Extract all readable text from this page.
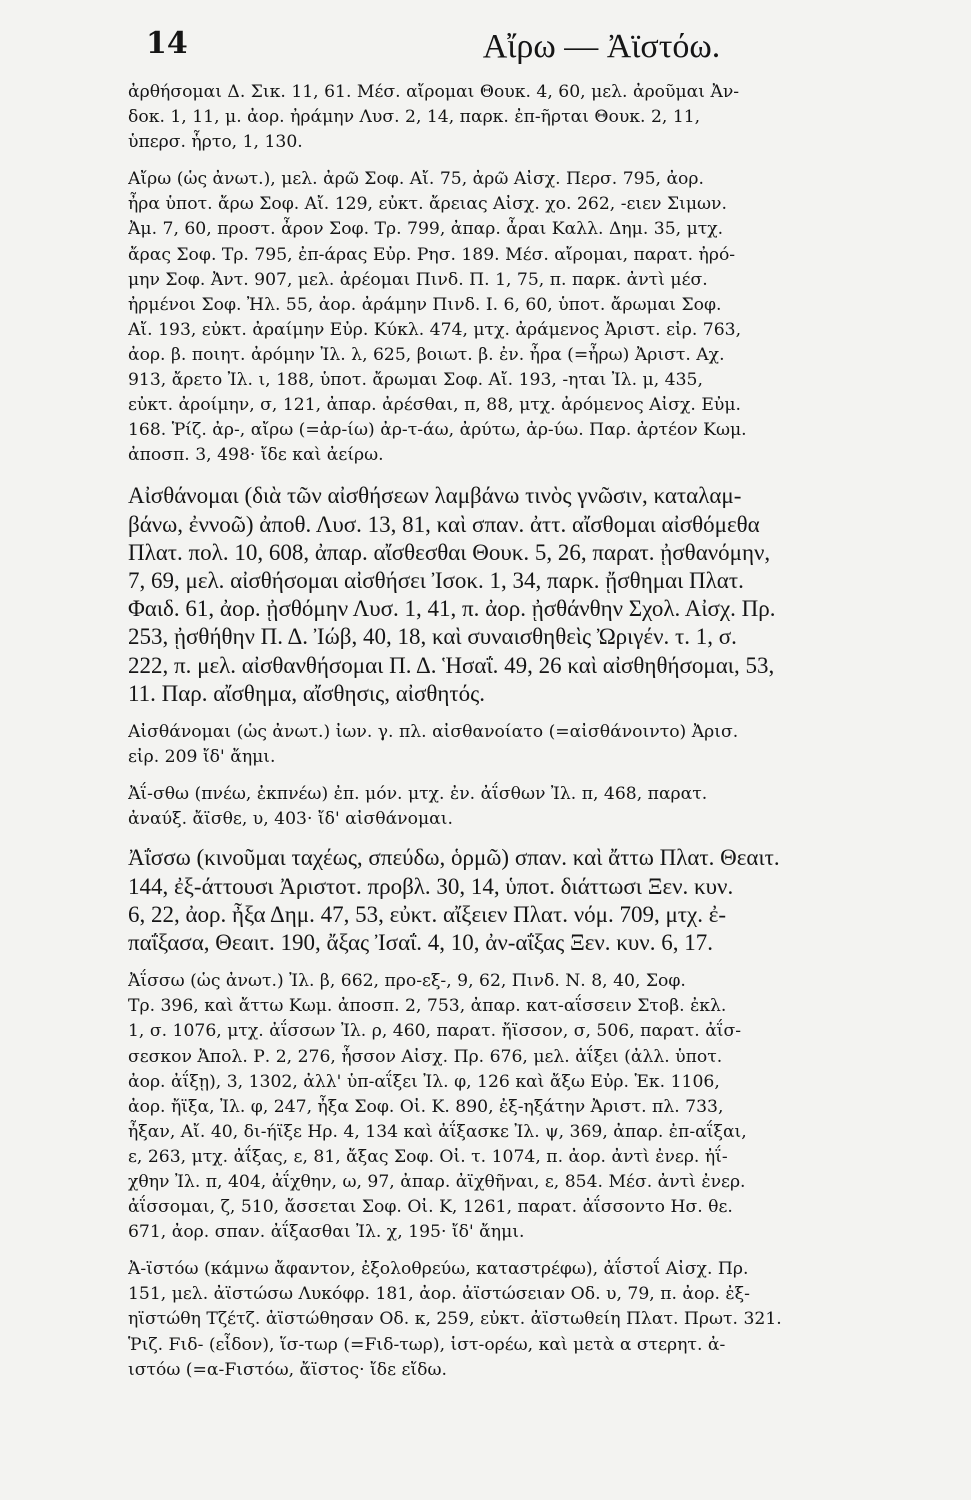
14	Αἴρω — Ἀϊστόω.
ἀρθήσομαι Δ. Σικ. 11, 61. Μέσ. αἴρομαι Θουκ. 4, 60, μελ. ἀροῦμαι Ἀν-
δοκ. 1, 11, μ. ἀορ. ἠράμην Λυσ. 2, 14, παρκ. ἐπ-ῆρται Θουκ. 2, 11,
ὑπερσ. ἧρτο, 1, 130.
Αἴρω (ὡς ἀνωτ.), μελ. ἀρῶ Σοφ. Αἴ. 75, ἀρῶ Αἰσχ. Περσ. 795, ἀορ.
ἦρα ὑποτ. ἄρω Σοφ. Αἴ. 129, εὐκτ. ἄρειας Αἰσχ. χο. 262, -ειεν Σιμων.
Ἀμ. 7, 60, προστ. ἆρον Σοφ. Τρ. 799, ἀπαρ. ἆραι Καλλ. Δημ. 35, μτχ.
ἄρας Σοφ. Τρ. 795, ἐπ-άρας Εὐρ. Ρησ. 189. Μέσ. αἴρομαι, παρατ. ἠρό-
μην Σοφ. Ἀντ. 907, μελ. ἀρέομαι Πινδ. Π. 1, 75, π. παρκ. ἀντὶ μέσ.
ἠρμένοι Σοφ. Ἠλ. 55, ἀορ. ἀράμην Πινδ. Ι. 6, 60, ὑποτ. ἄρωμαι Σοφ.
Αἴ. 193, εὐκτ. ἀραίμην Εὐρ. Κύκλ. 474, μτχ. ἀράμενος Ἀριστ. εἰρ. 763,
ἀορ. β. ποιητ. ἀρόμην Ἰλ. λ, 625, βοιωτ. β. ἐν. ἦρα (=ἦρω) Ἀριστ. Αχ.
913, ἄρετο Ἰλ. ι, 188, ὑποτ. ἄρωμαι Σοφ. Αἴ. 193, -ηται Ἰλ. μ, 435,
εὐκτ. ἀροίμην, σ, 121, ἀπαρ. ἀρέσθαι, π, 88, μτχ. ἀρόμενος Αἰσχ. Εὐμ.
168. Ῥίζ. ἀρ-, αἴρω (=ἀρ-ίω) ἀρ-τ-άω, ἀρύτω, ἀρ-ύω. Παρ. ἀρτέον Κωμ.
ἀποσπ. 3, 498· ἴδε καὶ ἀείρω.
Αἰσθάνομαι (διὰ τῶν αἰσθήσεων λαμβάνω τινὸς γνῶσιν, καταλαμ-
βάνω, ἐννοῶ) ἀποθ. Λυσ. 13, 81, καὶ σπαν. ἀττ. αἴσθομαι αἰσθόμεθα
Πλατ. πολ. 10, 608, ἀπαρ. αἴσθεσθαι Θουκ. 5, 26, παρατ. ᾐσθανόμην,
7, 69, μελ. αἰσθήσομαι αἰσθήσει Ἰσοκ. 1, 34, παρκ. ᾔσθημαι Πλατ.
Φαιδ. 61, ἀορ. ᾐσθόμην Λυσ. 1, 41, π. ἀορ. ᾐσθάνθην Σχολ. Αἰσχ. Πρ.
253, ᾐσθήθην Π. Δ. Ἰώβ, 40, 18, καὶ συναισθηθεὶς Ὠριγέν. τ. 1, σ.
222, π. μελ. αἰσθανθήσομαι Π. Δ. Ἡσαΐ. 49, 26 καὶ αἰσθηθήσομαι, 53,
11. Παρ. αἴσθημα, αἴσθησις, αἰσθητός.
Αἰσθάνομαι (ὡς ἀνωτ.) ἰων. γ. πλ. αἰσθανοίατο (=αἰσθάνοιντο) Ἀρισ.
εἰρ. 209 ἴδ' ἄημι.
Ἀΐ-σθω (πνέω, ἐκπνέω) ἐπ. μόν. μτχ. ἐν. ἀΐσθων Ἰλ. π, 468, παρατ.
ἀναύξ. ἄϊσθε, υ, 403· ἴδ' αἰσθάνομαι.
Ἀΐσσω (κινοῦμαι ταχέως, σπεύδω, ὁρμῶ) σπαν. καὶ ἄττω Πλατ. Θεαιτ.
144, ἐξ-άττουσι Ἀριστοτ. προβλ. 30, 14, ὑποτ. διάττωσι Ξεν. κυν.
6, 22, ἀορ. ἦξα Δημ. 47, 53, εὐκτ. αἴξειεν Πλατ. νόμ. 709, μτχ. ἐ-
παΐξασα, Θεαιτ. 190, ἄξας Ἰσαΐ. 4, 10, ἀν-αΐξας Ξεν. κυν. 6, 17.
Ἀΐσσω (ὡς ἀνωτ.) Ἰλ. β, 662, προ-εξ-, 9, 62, Πινδ. Ν. 8, 40, Σοφ.
Τρ. 396, καὶ ἄττω Κωμ. ἀποσπ. 2, 753, ἀπαρ. κατ-αΐσσειν Στοβ. ἐκλ.
1, σ. 1076, μτχ. ἀΐσσων Ἰλ. ρ, 460, παρατ. ἤϊσσον, σ, 506, παρατ. ἀΐσ-
σεσκον Ἀπολ. Ρ. 2, 276, ἧσσον Αἰσχ. Πρ. 676, μελ. ἀΐξει (ἀλλ. ὑποτ.
ἀορ. ἀΐξῃ), 3, 1302, ἀλλ' ὑπ-αΐξει Ἰλ. φ, 126 καὶ ἄξω Εὐρ. Ἑκ. 1106,
ἀορ. ἤϊξα, Ἰλ. φ, 247, ἦξα Σοφ. Οἰ. Κ. 890, ἐξ-ηξάτην Ἀριστ. πλ. 733,
ἦξαν, Αἴ. 40, δι-ήϊξε Ηρ. 4, 134 καὶ ἀΐξασκε Ἰλ. ψ, 369, ἀπαρ. ἐπ-αΐξαι,
ε, 263, μτχ. ἀΐξας, ε, 81, ἄξας Σοφ. Οἰ. τ. 1074, π. ἀορ. ἀντὶ ἐνερ. ἠΐ-
χθην Ἰλ. π, 404, ἀΐχθην, ω, 97, ἀπαρ. ἀϊχθῆναι, ε, 854. Μέσ. ἀντὶ ἐνερ.
ἀΐσσομαι, ζ, 510, ἄσσεται Σοφ. Οἰ. Κ, 1261, παρατ. ἀΐσσοντο Ησ. θε.
671, ἀορ. σπαν. ἀΐξασθαι Ἰλ. χ, 195· ἴδ' ἄημι.
Ἀ-ϊστόω (κάμνω ἄφαντον, ἐξολοθρεύω, καταστρέφω), ἀΐστοΐ Αἰσχ. Πρ.
151, μελ. ἀϊστώσω Λυκόφρ. 181, ἀορ. ἀϊστώσειαν Οδ. υ, 79, π. ἀορ. ἐξ-
ηϊστώθη Τζέτζ. ἀϊστώθησαν Οδ. κ, 259, εὐκτ. ἀϊστωθείη Πλατ. Πρωτ. 321.
Ῥιζ. Fιδ- (εἶδον), ἵσ-τωρ (=Fιδ-τωρ), ἱστ-ορέω, καὶ μετὰ α στερητ. ἀ-
ιστόω (=α-Fιστόω, ἄϊστος· ἴδε εἴδω.
